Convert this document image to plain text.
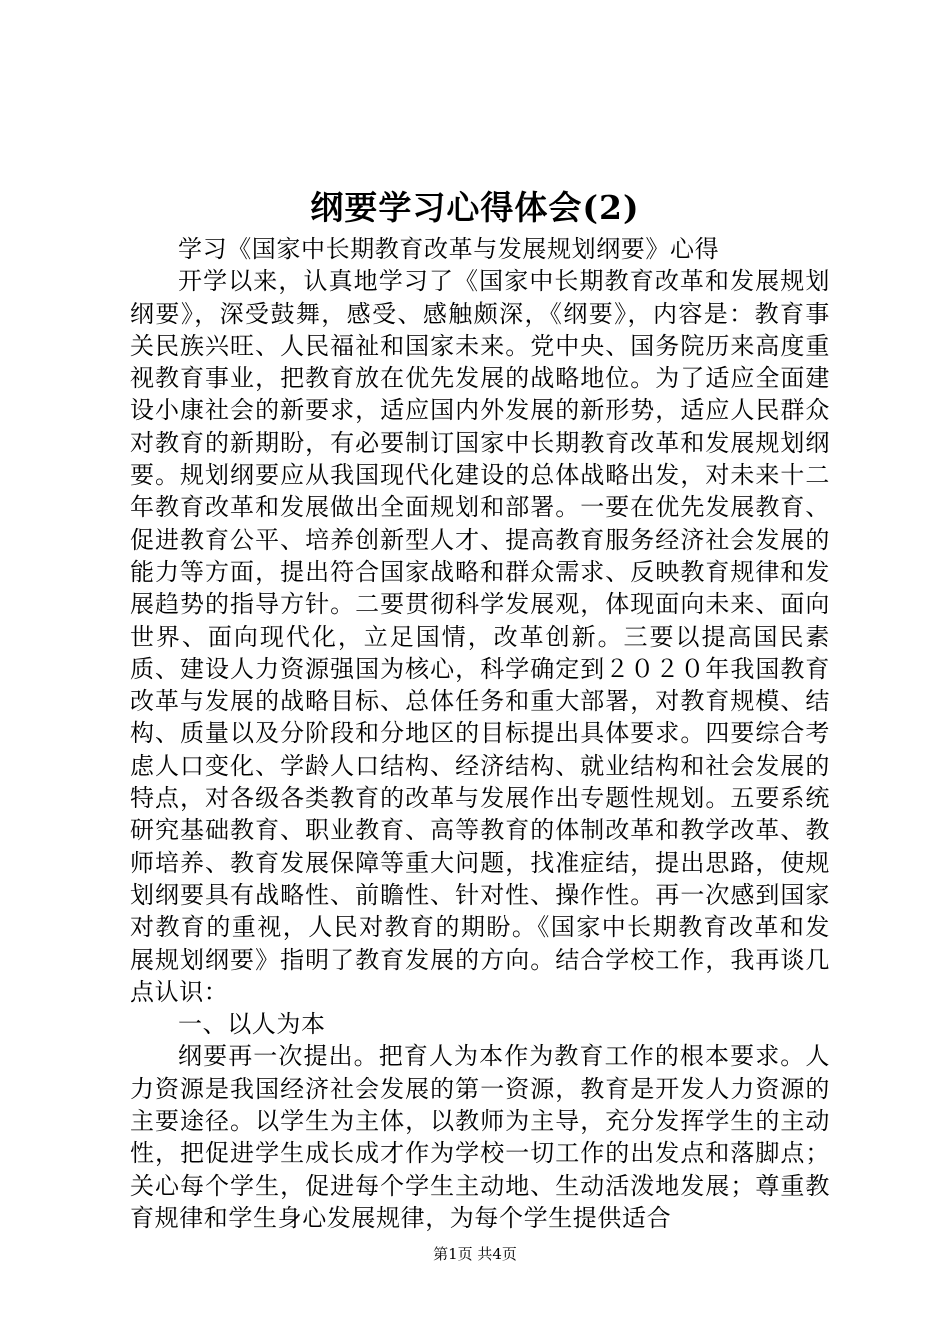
纲要学习心得体会(2)

学习《国家中长期教育改革与发展规划纲要》心得

开学以来，认真地学习了《国家中长期教育改革和发展规划纲要》，深受鼓舞，感受、感触颇深，《纲要》，内容是：教育事关民族兴旺、人民福祉和国家未来。党中央、国务院历来高度重视教育事业，把教育放在优先发展的战略地位。为了适应全面建设小康社会的新要求，适应国内外发展的新形势，适应人民群众对教育的新期盼，有必要制订国家中长期教育改革和发展规划纲要。规划纲要应从我国现代化建设的总体战略出发，对未来十二年教育改革和发展做出全面规划和部署。一要在优先发展教育、促进教育公平、培养创新型人才、提高教育服务经济社会发展的能力等方面，提出符合国家战略和群众需求、反映教育规律和发展趋势的指导方针。二要贯彻科学发展观，体现面向未来、面向世界、面向现代化，立足国情，改革创新。三要以提高国民素质、建设人力资源强国为核心，科学确定到２０２０年我国教育改革与发展的战略目标、总体任务和重大部署，对教育规模、结构、质量以及分阶段和分地区的目标提出具体要求。四要综合考虑人口变化、学龄人口结构、经济结构、就业结构和社会发展的特点，对各级各类教育的改革与发展作出专题性规划。五要系统研究基础教育、职业教育、高等教育的体制改革和教学改革、教师培养、教育发展保障等重大问题，找准症结，提出思路，使规划纲要具有战略性、前瞻性、针对性、操作性。再一次感到国家对教育的重视，人民对教育的期盼。《国家中长期教育改革和发展规划纲要》指明了教育发展的方向。结合学校工作，我再谈几点认识：

一、以人为本

纲要再一次提出。把育人为本作为教育工作的根本要求。人力资源是我国经济社会发展的第一资源，教育是开发人力资源的主要途径。以学生为主体，以教师为主导，充分发挥学生的主动性，把促进学生成长成才作为学校一切工作的出发点和落脚点；关心每个学生，促进每个学生主动地、生动活泼地发展；尊重教育规律和学生身心发展规律，为每个学生提供适合

第1页 共4页
